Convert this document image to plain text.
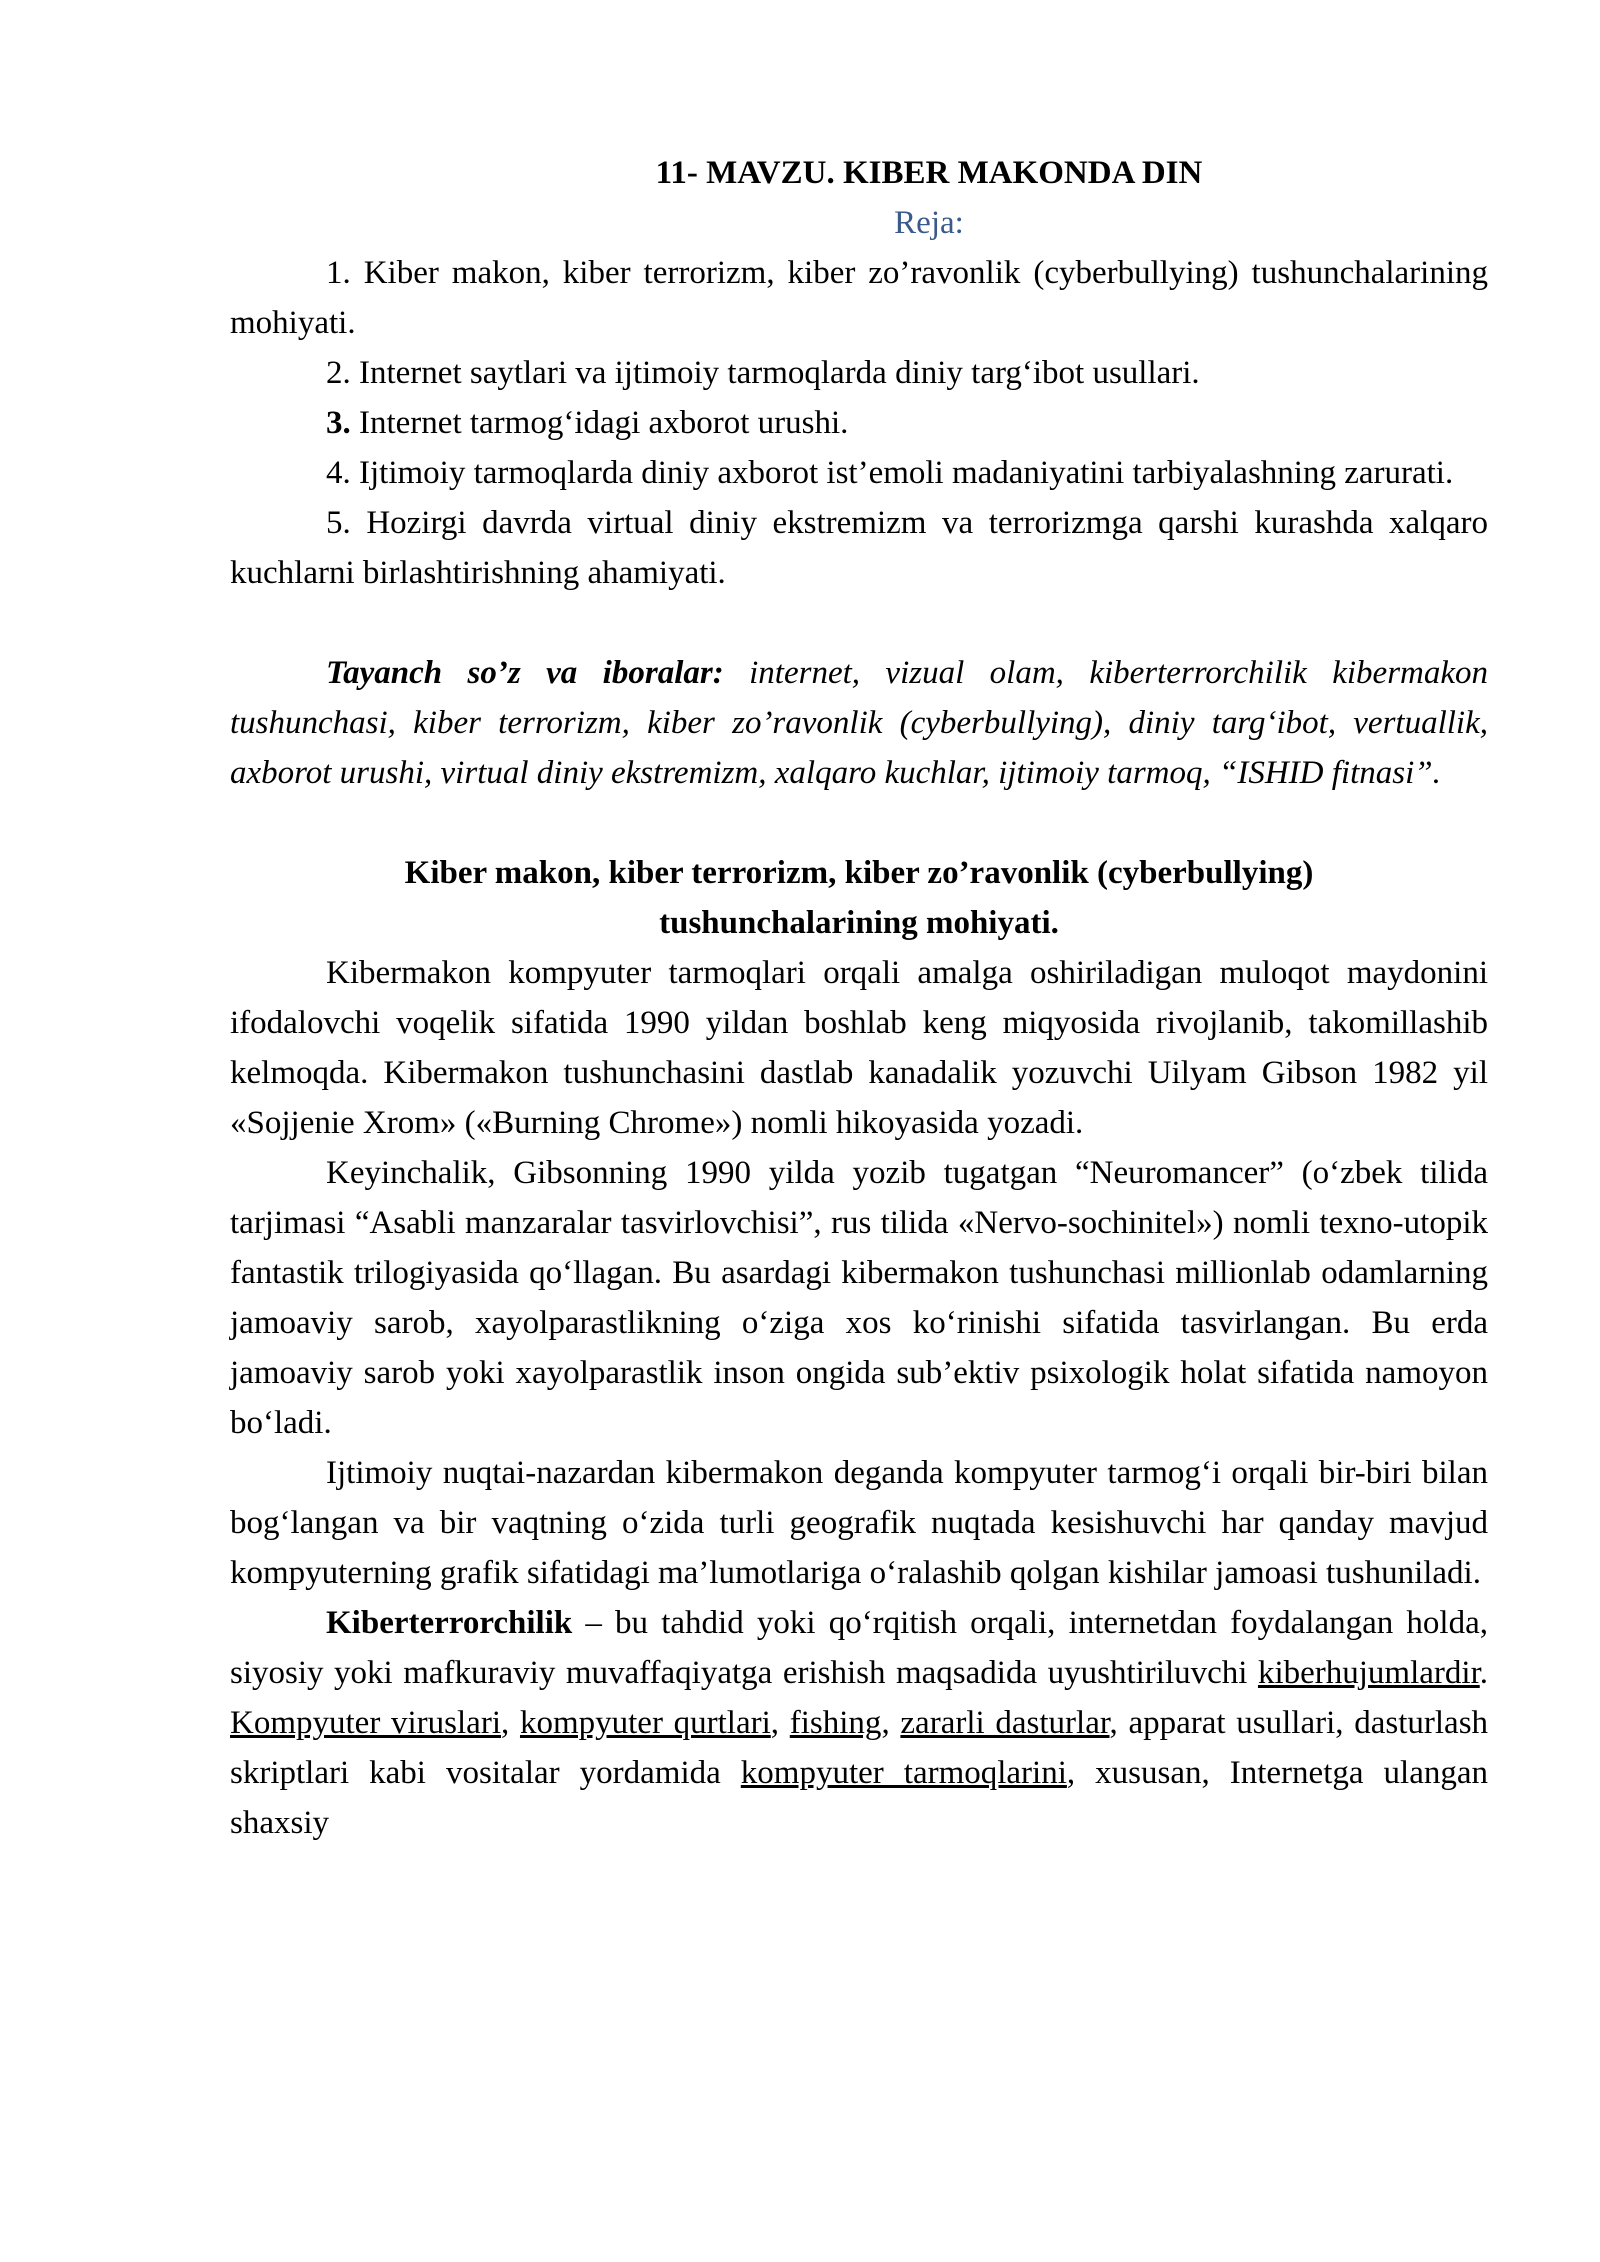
11- MAVZU. KIBER MAKONDA DIN
Reja:

1. Kiber makon, kiber terrorizm, kiber zo’ravonlik (cyberbullying) tushunchalarining mohiyati.

2. Internet saytlari va ijtimoiy tarmoqlarda diniy targ‘ibot usullari.

3. Internet tarmog‘idagi axborot urushi.

4. Ijtimoiy tarmoqlarda diniy axborot ist’emoli madaniyatini tarbiyalashning zarurati.

5. Hozirgi davrda virtual diniy ekstremizm va terrorizmga qarshi kurashda xalqaro kuchlarni birlashtirishning ahamiyati.

Tayanch so’z va iboralar: internet, vizual olam, kiberterrorchilik kibermakon tushunchasi, kiber terrorizm, kiber zo’ravonlik (cyberbullying), diniy targ‘ibot, vertuallik, axborot urushi, virtual diniy ekstremizm, xalqaro kuchlar, ijtimoiy tarmoq, “ISHID fitnasi”.

Kiber makon, kiber terrorizm, kiber zo’ravonlik (cyberbullying)
tushunchalarining mohiyati.

Kibermakon kompyuter tarmoqlari orqali amalga oshiriladigan muloqot maydonini ifodalovchi voqelik sifatida 1990 yildan boshlab keng miqyosida rivojlanib, takomillashib kelmoqda. Kibermakon tushunchasini dastlab kanadalik yozuvchi Uilyam Gibson 1982 yil «Sojjenie Xrom» («Burning Chrome») nomli hikoyasida yozadi.

Keyinchalik, Gibsonning 1990 yilda yozib tugatgan “Neuromancer” (o‘zbek tilida tarjimasi “Asabli manzaralar tasvirlovchisi”, rus tilida «Nervo-sochinitel») nomli texno-utopik fantastik trilogiyasida qo‘llagan. Bu asardagi kibermakon tushunchasi millionlab odamlarning jamoaviy sarob, xayolparastlikning o‘ziga xos ko‘rinishi sifatida tasvirlangan. Bu erda jamoaviy sarob yoki xayolparastlik inson ongida sub’ektiv psixologik holat sifatida namoyon bo‘ladi.

Ijtimoiy nuqtai-nazardan kibermakon deganda kompyuter tarmog‘i orqali bir-biri bilan bog‘langan va bir vaqtning o‘zida turli geografik nuqtada kesishuvchi har qanday mavjud kompyuterning grafik sifatidagi ma’lumotlariga o‘ralashib qolgan kishilar jamoasi tushuniladi.

Kiberterrorchilik – bu tahdid yoki qo‘rqitish orqali, internetdan foydalangan holda, siyosiy yoki mafkuraviy muvaffaqiyatga erishish maqsadida uyushtiriluvchi kiberhujumlardir. Kompyuter viruslari, kompyuter qurtlari, fishing, zararli dasturlar, apparat usullari, dasturlash skriptlari kabi vositalar yordamida kompyuter tarmoqlarini, xususan, Internetga ulangan shaxsiy
